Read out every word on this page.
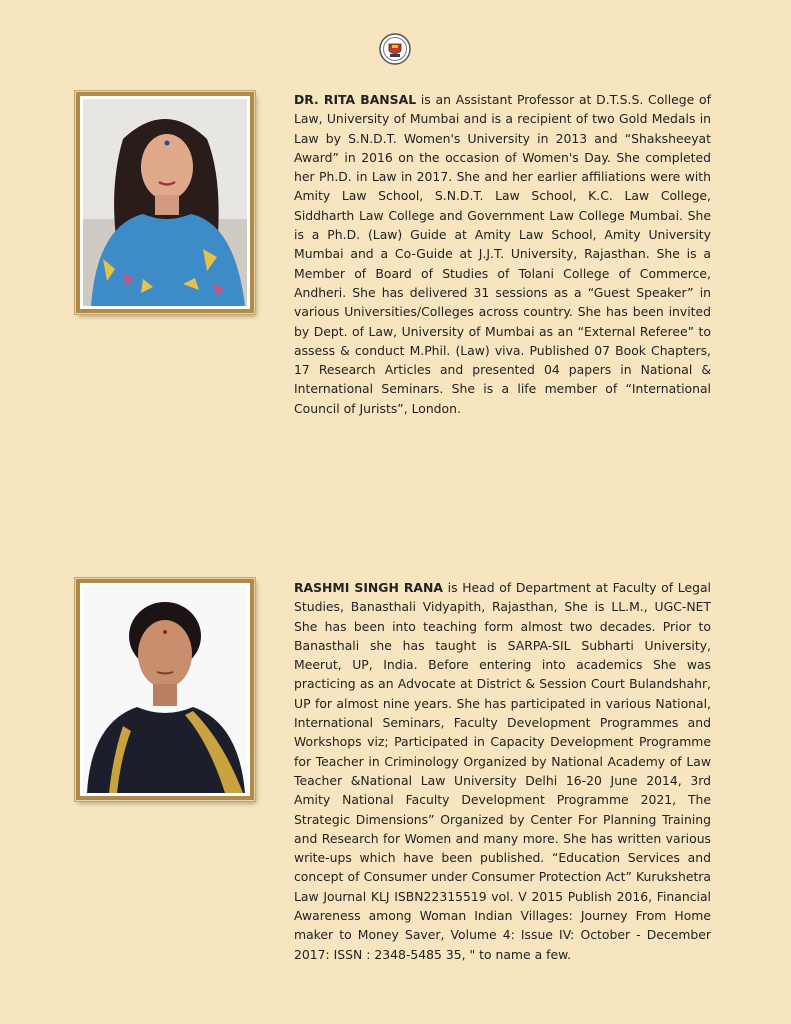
DR. RITA BANSAL is an Assistant Professor at D.T.S.S. College of Law, University of Mumbai and is a recipient of two Gold Medals in Law by S.N.D.T. Women's University in 2013 and “Shaksheeyat Award” in 2016 on the occasion of Women's Day. She completed her Ph.D. in Law in 2017. She and her earlier affiliations were with Amity Law School, S.N.D.T. Law School, K.C. Law College, Siddharth Law College and Government Law College Mumbai. She is a Ph.D. (Law) Guide at Amity Law School, Amity University Mumbai and a Co-Guide at J.J.T. University, Rajasthan. She is a Member of Board of Studies of Tolani College of Commerce, Andheri. She has delivered 31 sessions as a “Guest Speaker” in various Universities/Colleges across country. She has been invited by Dept. of Law, University of Mumbai as an “External Referee” to assess & conduct M.Phil. (Law) viva. Published 07 Book Chapters, 17 Research Articles and presented 04 papers in National & International Seminars. She is a life member of “International Council of Jurists”, London.

RASHMI SINGH RANA is Head of Department at Faculty of Legal Studies, Banasthali Vidyapith, Rajasthan, She is LL.M., UGC-NET She has been into teaching form almost two decades. Prior to Banasthali she has taught is SARPA-SIL Subharti University, Meerut, UP, India. Before entering into academics She was practicing as an Advocate at District & Session Court Bulandshahr, UP for almost nine years. She has participated in various National, International Seminars, Faculty Development Programmes and Workshops viz; Participated in Capacity Development Programme for Teacher in Criminology Organized by National Academy of Law Teacher &National Law University Delhi 16-20 June 2014, 3rd Amity National Faculty Development Programme 2021, The Strategic Dimensions” Organized by Center For Planning Training and Research for Women and many more. She has written various write-ups which have been published. “Education Services and concept of Consumer under Consumer Protection Act” Kurukshetra Law Journal KLJ ISBN22315519 vol. V 2015 Publish 2016, Financial Awareness among Woman Indian Villages: Journey From Home maker to Money Saver, Volume 4: Issue IV: October - December 2017: ISSN : 2348-5485 35, " to name a few.
